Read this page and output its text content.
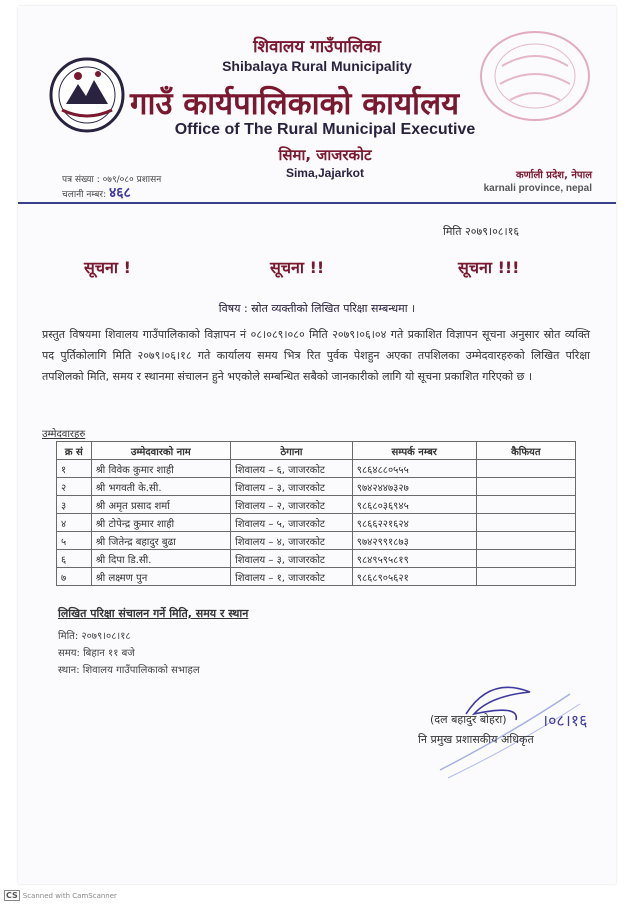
शिवालय गाउँपालिका
Shibalaya Rural Municipality
गाउँ कार्यपालिकाको कार्यालय
Office of The Rural Municipal Executive
सिमा, जाजरकोट
Sima,Jajarkot
पत्र संख्या : ०७९/०८० प्रशासन
चलानी नम्बर: ४६८
कर्णाली प्रदेश, नेपाल
karnali province, nepal
मिति २०७९।०८।१६
सूचना !	सूचना !!	सूचना !!!
विषय : स्रोत व्यक्तीको लिखित परिक्षा सम्बन्धमा ।
प्रस्तुत विषयमा शिवालय गाउँपालिकाको विज्ञापन नं ०८।०८९।०८० मिति २०७९।०६।०४ गते प्रकाशित विज्ञापन सूचना अनुसार स्रोत व्यक्ति पद पुर्तिकोलागि मिति २०७९।०६।१८ गते कार्यालय समय भित्र रित पुर्वक पेशहुन अएका तपशिलका उम्मेदवारहरुको लिखित परिक्षा तपशिलको मिति, समय र स्थानमा संचालन हुने भएकोले सम्बन्धित सबैको जानकारीको लागि यो सूचना प्रकाशित गरिएको छ ।
उम्मेदवारहरु
क्र सं	उम्मेदवारको नाम	ठेगाना	सम्पर्क नम्बर	कैफियत
१	श्री विवेक कुमार शाही	शिवालय – ६, जाजरकोट	९८६४८८०५५५	
२	श्री भगवती के.सी.	शिवालय – ३, जाजरकोट	९७४२४४७३२७	
३	श्री अमृत प्रसाद शर्मा	शिवालय – २, जाजरकोट	९८६८०३६९४५	
४	श्री टोपेन्द्र कुमार शाही	शिवालय – ५, जाजरकोट	९८६६२२१६२४	
५	श्री जितेन्द्र बहादुर बुढा	शिवालय – ४, जाजरकोट	९७४२९९१८७३	
६	श्री दिपा डि.सी.	शिवालय – ३, जाजरकोट	९८४९५९५८१९	
७	श्री लक्ष्मण पुन	शिवालय – १, जाजरकोट	९८६८९०५६२१	
लिखित परिक्षा संचालन गर्ने मिति, समय र स्थान
मिति: २०७९।०८।१८
समय: बिहान ११ बजे
स्थान: शिवालय गाउँपालिकाको सभाहल
(दल बहादुर बोहरा) ।०८।१६
नि प्रमुख प्रशासकीय अधिकृत
CS Scanned with CamScanner
